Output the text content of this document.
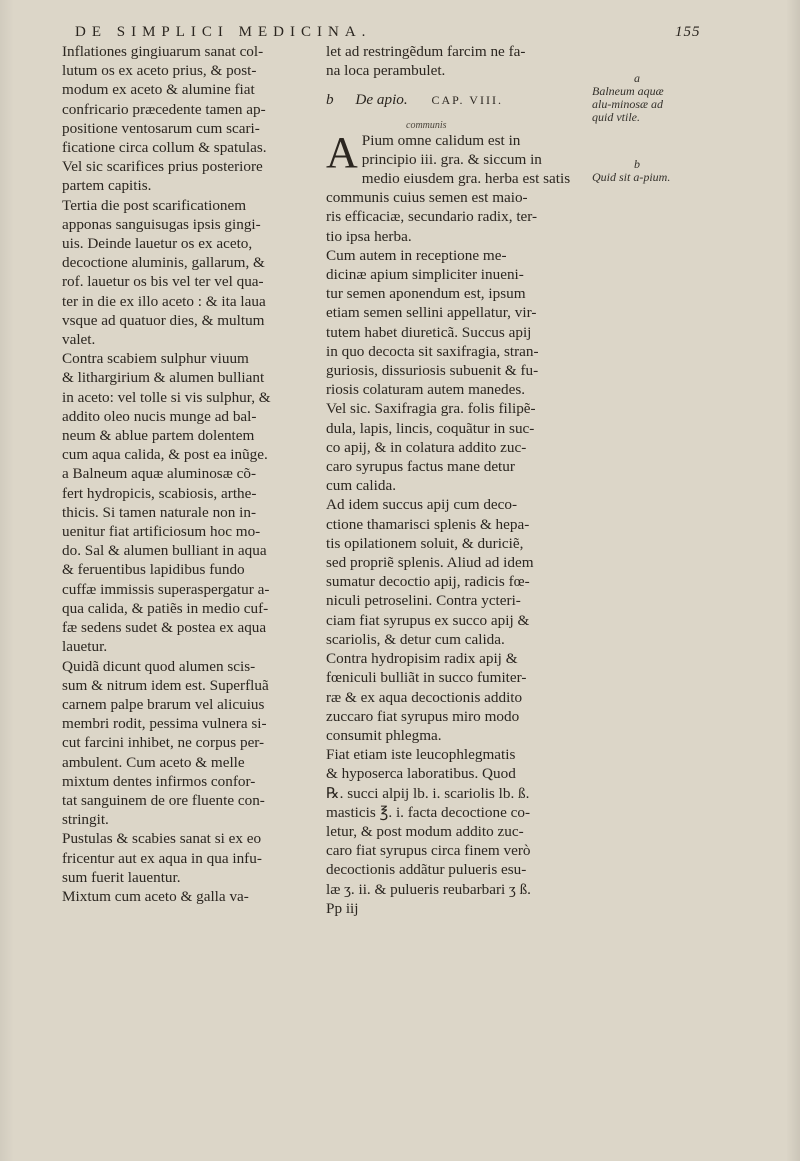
DE SIMPLICI MEDICINA.	155
Inflationes gingiuarum sanat col-
lutum os ex aceto prius, & post-
modum ex aceto & alumine fiat
confricario præcedente tamen ap-
positione ventosarum cum scari-
ficatione circa collum & spatulas.
Vel sic scarifices prius posteriore
partem capitis.
Tertia die post scarificationem
apponas sanguisugas ipsis gingi-
uis. Deinde lauetur os ex aceto,
decoctione aluminis, gallarum, &
rof. lauetur os bis vel ter vel qua-
ter in die ex illo aceto : & ita laua
vsque ad quatuor dies, & multum
valet.
Contra scabiem sulphur viuum
& lithargirium & alumen bulliant
in aceto: vel tolle si vis sulphur, &
addito oleo nucis munge ad bal-
neum & ablue partem dolentem
cum aqua calida, & post ea inũge.
a Balneum aquæ aluminosæ cõ-
fert hydropicis, scabiosis, arthe-
thicis. Si tamen naturale non in-
uenitur fiat artificiosum hoc mo-
do. Sal & alumen bulliant in aqua
& feruentibus lapidibus fundo
cuffæ immissis superaspergatur a-
qua calida, & patiẽs in medio cuf-
fæ sedens sudet & postea ex aqua
lauetur.
Quidã dicunt quod alumen scis-
sum & nitrum idem est. Superfluã
carnem palpe brarum vel alicuius
membri rodit, pessima vulnera si-
cut farcini inhibet, ne corpus per-
ambulent. Cum aceto & melle
mixtum dentes infirmos confor-
tat sanguinem de ore fluente con-
stringit.
Pustulas & scabies sanat si ex eo
fricentur aut ex aqua in qua infu-
sum fuerit lauentur.
Mixtum cum aceto & galla va-
let ad restringẽdum farcim ne fa-
na loca perambulet.
b De apio. CAP. VIII.
communis
A Pium omne calidum est in
principio iii. gra. & siccum in
medio eiusdem gra. herba est satis
communis cuius semen est maio-
ris efficaciæ, secundario radix, ter-
tio ipsa herba.
Cum autem in receptione me-
dicinæ apium simpliciter inueni-
tur semen aponendum est, ipsum
etiam semen sellini appellatur, vir-
tutem habet diureticã. Succus apij
in quo decocta sit saxifragia, stran-
guriosis, dissuriosis subuenit & fu-
riosis colaturam autem manedes.
Vel sic. Saxifragia gra. folis filipẽ-
dula, lapis, lincis, coquãtur in suc-
co apij, & in colatura addito zuc-
caro syrupus factus mane detur
cum calida.
Ad idem succus apij cum deco-
ctione thamarisci splenis & hepa-
tis opilationem soluit, & duriciẽ,
sed propriẽ splenis. Aliud ad idem
sumatur decoctio apij, radicis fœ-
niculi petroselini. Contra ycteri-
ciam fiat syrupus ex succo apij &
scariolis, & detur cum calida.
Contra hydropisim radix apij &
fœniculi bulliãt in succo fumiter-
ræ & ex aqua decoctionis addito
zuccaro fiat syrupus miro modo
consumit phlegma.
Fiat etiam iste leucophlegmatis
& hyposerca laboratibus. Quod
℞. succi alpij lb. i. scariolis lb. ß.
masticis ℥. i. facta decoctione co-
letur, & post modum addito zuc-
caro fiat syrupus circa finem verò
decoctionis addãtur pulueris esu-
læ ʒ. ii. & pulueris reubarbari ʒ ß.
Pp iij
a
Balneum aquæ alu-minosæ ad quid vtile.
b
Quid sit a-pium.
